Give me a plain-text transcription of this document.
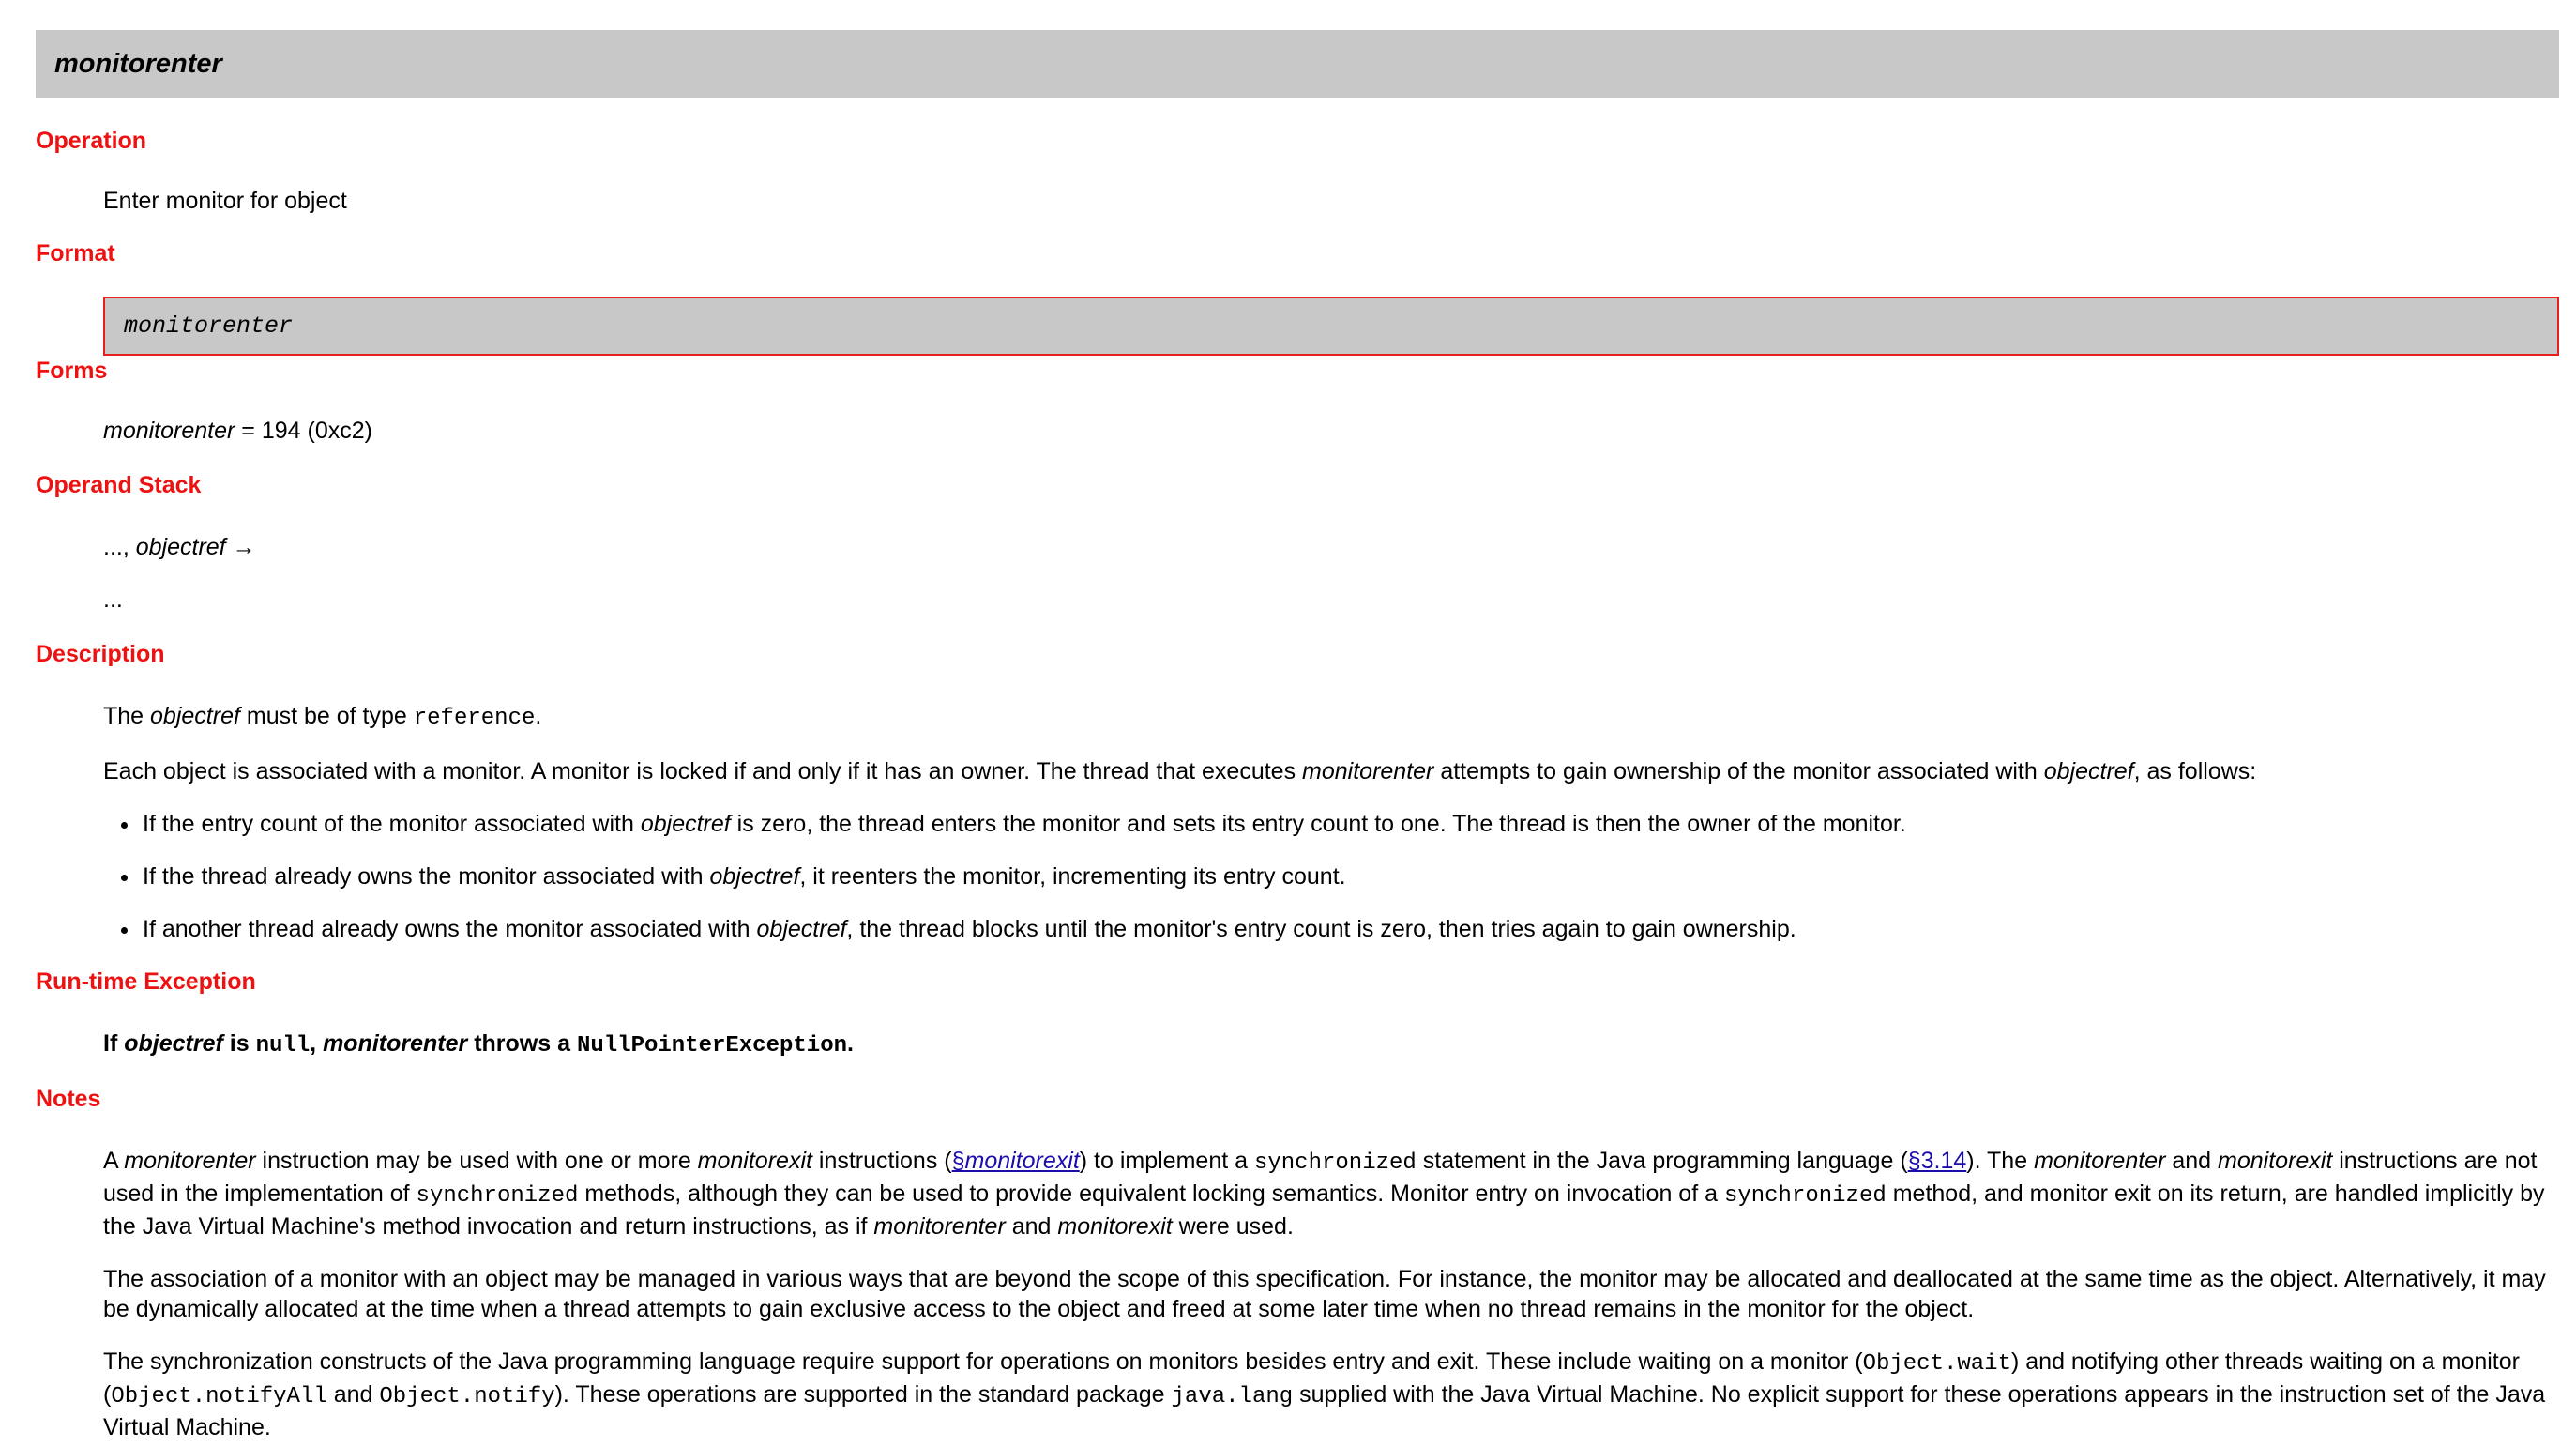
monitorenter
Operation
Enter monitor for object
Format
monitorenter
Forms
monitorenter = 194 (0xc2)
Operand Stack
..., objectref →
...
Description
The objectref must be of type reference.
Each object is associated with a monitor. A monitor is locked if and only if it has an owner. The thread that executes monitorenter attempts to gain ownership of the monitor associated with objectref, as follows:
• If the entry count of the monitor associated with objectref is zero, the thread enters the monitor and sets its entry count to one. The thread is then the owner of the monitor.
• If the thread already owns the monitor associated with objectref, it reenters the monitor, incrementing its entry count.
• If another thread already owns the monitor associated with objectref, the thread blocks until the monitor's entry count is zero, then tries again to gain ownership.
Run-time Exception
If objectref is null, monitorenter throws a NullPointerException.
Notes
A monitorenter instruction may be used with one or more monitorexit instructions (§monitorexit) to implement a synchronized statement in the Java programming language (§3.14). The monitorenter and monitorexit instructions are not used in the implementation of synchronized methods, although they can be used to provide equivalent locking semantics. Monitor entry on invocation of a synchronized method, and monitor exit on its return, are handled implicitly by the Java Virtual Machine's method invocation and return instructions, as if monitorenter and monitorexit were used.
The association of a monitor with an object may be managed in various ways that are beyond the scope of this specification. For instance, the monitor may be allocated and deallocated at the same time as the object. Alternatively, it may be dynamically allocated at the time when a thread attempts to gain exclusive access to the object and freed at some later time when no thread remains in the monitor for the object.
The synchronization constructs of the Java programming language require support for operations on monitors besides entry and exit. These include waiting on a monitor (Object.wait) and notifying other threads waiting on a monitor (Object.notifyAll and Object.notify). These operations are supported in the standard package java.lang supplied with the Java Virtual Machine. No explicit support for these operations appears in the instruction set of the Java Virtual Machine.
